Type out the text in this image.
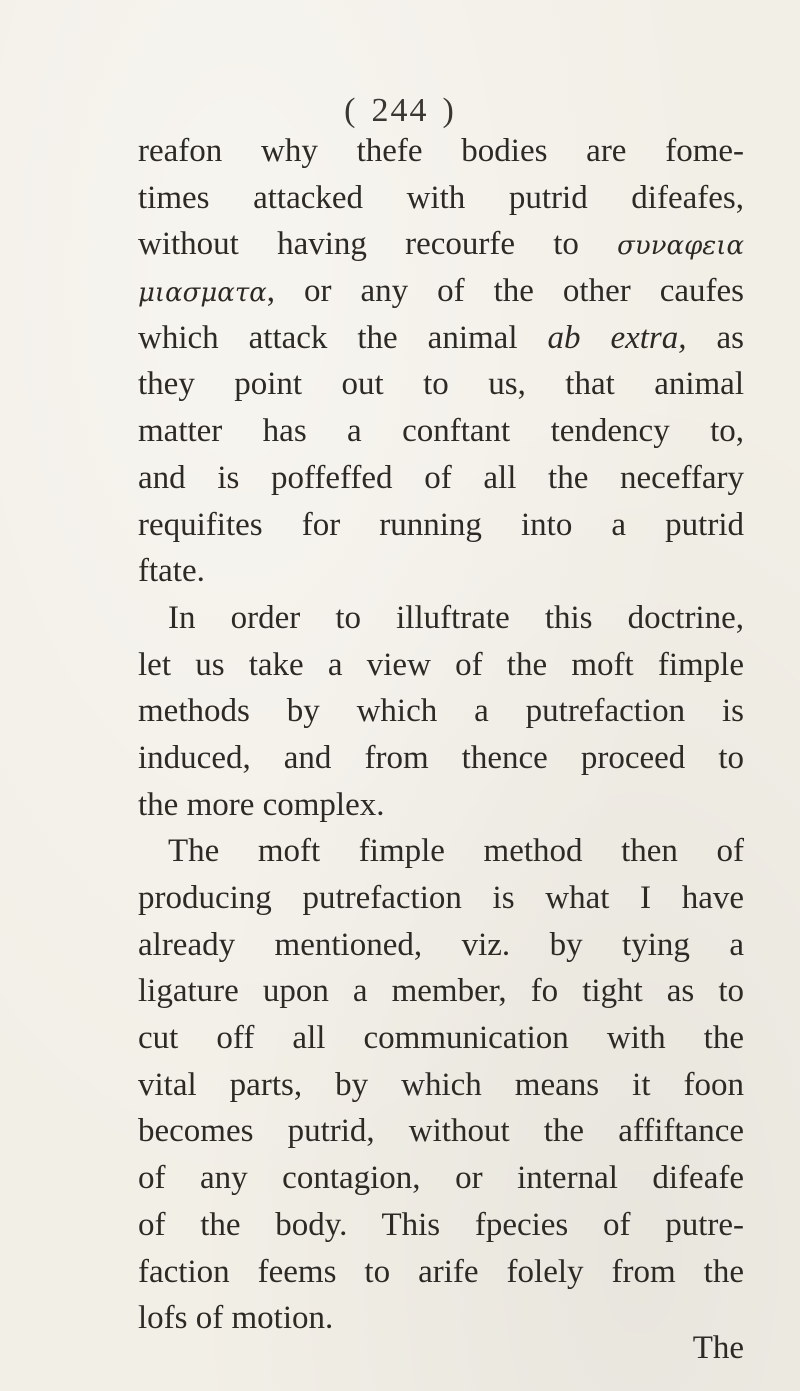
( 244 )
reafon why thefe bodies are fome-
times attacked with putrid difeafes,
without having recourfe to συναφεια
μιασματα, or any of the other caufes
which attack the animal ab extra, as
they point out to us, that animal
matter has a conftant tendency to,
and is poffeffed of all the neceffary
requifites for running into a putrid
ftate.
In order to illuftrate this doctrine,
let us take a view of the moft fimple
methods by which a putrefaction is
induced, and from thence proceed to
the more complex.
The moft fimple method then of
producing putrefaction is what I have
already mentioned, viz. by tying a
ligature upon a member, fo tight as to
cut off all communication with the
vital parts, by which means it foon
becomes putrid, without the affiftance
of any contagion, or internal difeafe
of the body. This fpecies of putre-
faction feems to arife folely from the
lofs of motion.
The
